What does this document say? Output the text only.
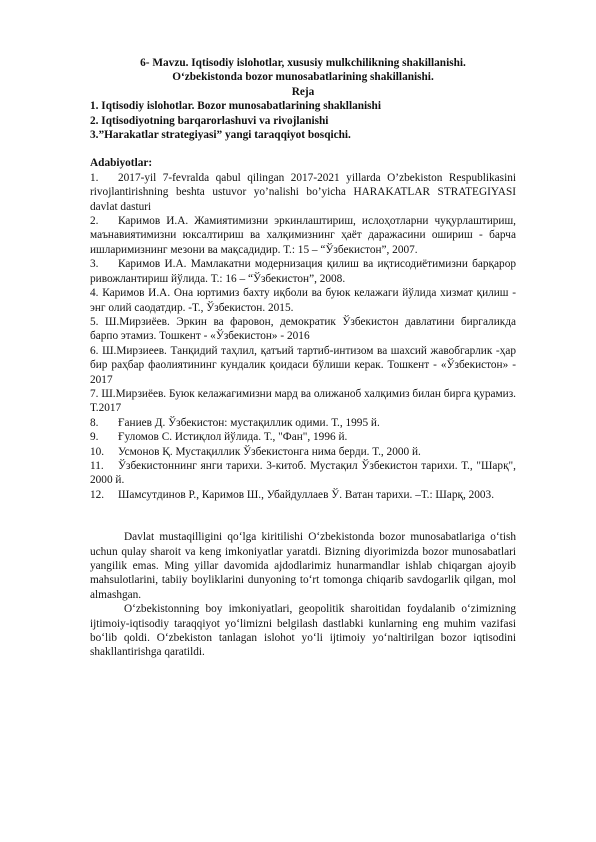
6- Mavzu. Iqtisodiy islohotlar, xususiy mulkchilikning shakillanishi.
O‘zbekistonda bozor munosabatlarining shakillanishi.
Reja
1. Iqtisodiy islohotlar. Bozor munosabatlarining shakllanishi
2. Iqtisodiyotning barqarorlashuvi va rivojlanishi
3.”Harakatlar strategiyasi” yangi taraqqiyot bosqichi.
Adabiyotlar:

1. 2017-yil 7-fevralda qabul qilingan 2017-2021 yillarda O’zbekiston Respublikasini rivojlantirishning beshta ustuvor yo’nalishi bo’yicha HARAKATLAR STRATEGIYASI davlat dasturi

2. Каримов И.А. Жамиятимизни эркинлаштириш, ислоҳотларни чуқурлаштириш, маънавиятимизни юксалтириш ва халқимизнинг ҳаёт даражасини ошириш - барча ишларимизнинг мезони ва мақсадидир. Т.: 15 – “Ўзбекистон”, 2007.

3. Каримов И.А. Мамлакатни модернизация қилиш ва иқтисодиётимизни барқарор ривожлантириш йўлида. Т.: 16 – “Ўзбекистон”, 2008.

4. Каримов И.А. Она юртимиз бахту иқболи ва буюк келажаги йўлида хизмат қилиш - энг олий саодатдир. -Т., Ўзбекистон. 2015.

5. Ш.Мирзиёев. Эркин ва фаровон, демократик Ўзбекистон давлатини биргаликда барпо этамиз. Тошкент - «Ўзбекистон» - 2016

6. Ш.Мирзиеев. Танқидий таҳлил, қатъий тартиб-интизом ва шахсий жавобгарлик -ҳар бир раҳбар фаолиятининг кундалик қоидаси бўлиши керак. Тошкент - «Ўзбекистон» - 2017

7. Ш.Мирзиёев. Буюк келажагимизни мард ва олижаноб халқимиз билан бирга қурамиз. Т.2017

8. Ғаниев Д. Ўзбекистон: мустақиллик одими. Т., 1995 й.

9. Ғуломов С. Истиқлол йўлида. Т., "Фан", 1996 й.

10. Усмонов Қ. Мустақиллик Ўзбекистонга нима берди. Т., 2000 й.

11. Ўзбекистоннинг янги тарихи. 3-китоб. Мустақил Ўзбекистон тарихи. Т., "Шарқ", 2000 й.

12. Шамсутдинов Р., Каримов Ш., Убайдуллаев Ў. Ватан тарихи. –Т.: Шарқ, 2003.

Davlat mustaqilligini qo‘lga kiritilishi O‘zbekistonda bozor munosabatlariga o‘tish uchun qulay sharoit va keng imkoniyatlar yaratdi. Bizning diyorimizda bozor munosabatlari yangilik emas. Ming yillar davomida ajdodlarimiz hunarmandlar ishlab chiqargan ajoyib mahsulotlarini, tabiiy boyliklarini dunyoning to‘rt tomonga chiqarib savdogarlik qilgan, mol almashgan.

O‘zbekistonning boy imkoniyatlari, geopolitik sharoitidan foydalanib o‘zimizning ijtimoiy-iqtisodiy taraqqiyot yo‘limizni belgilash dastlabki kunlarning eng muhim vazifasi bo‘lib qoldi. O‘zbekiston tanlagan islohot yo‘li ijtimoiy yo‘naltirilgan bozor iqtisodini shakllantirishga qaratildi.
